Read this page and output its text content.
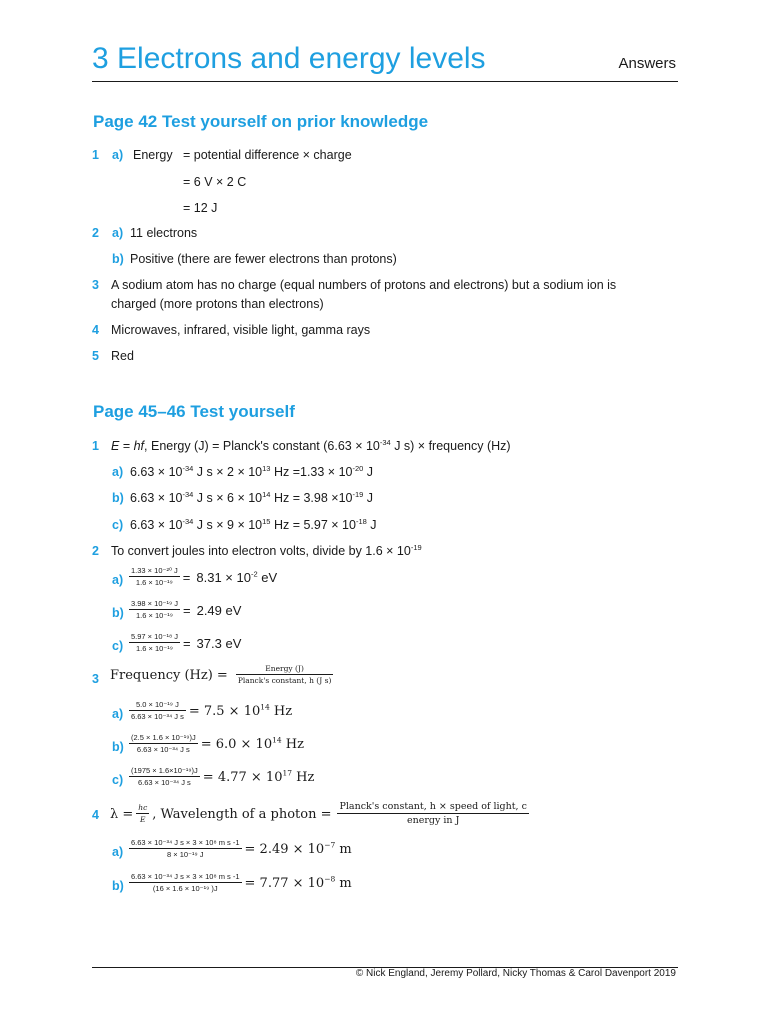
3 Electrons and energy levels	Answers
Page 42 Test yourself on prior knowledge
1	a) Energy = potential difference × charge
= 6 V × 2 C
= 12 J
2	a) 11 electrons
b) Positive (there are fewer electrons than protons)
3 A sodium atom has no charge (equal numbers of protons and electrons) but a sodium ion is
charged (more protons than electrons)
4 Microwaves, infrared, visible light, gamma rays
5 Red
Page 45–46 Test yourself
1 E = hf, Energy (J) = Planck's constant ($6.63 \times 10^{-34}$ J s) × frequency (Hz)
a) $6.63 \times 10^{-34}$ J $s \times 2 \times 10^{13}$ $Hz =1.33 \times 10^{-20}$ J
b) $6.63 \times 10^{-34}$ J $s \times 6 \times 10^{14}$ $Hz = 3.98 \times 10^{-19}$ J
c) $6.63 \times 10^{-34}$ J $s \times 9 \times 10^{15}$ $Hz = 5.97 \times 10^{-18}$ J
2 To convert joules into electron volts, divide by $1.6 \times 10^{-19}$
$a) \frac{\text{1.33 × 10⁻²⁰ J}}{\text{1.6 × 10⁻¹⁹}} = 8.31 \times 10^{-2}$ eV
$b) \frac{\text{3.98 × 10⁻¹⁹ J}}{\text{1.6 × 10⁻¹⁹}} = 2.49$ eV
$c) \frac{\text{5.97 × 10⁻¹⁸ J}}{\text{1.6 × 10⁻¹⁹}} = 37.3$ eV
3 Frequency $(Hz) = \frac{\text{Energy (J)}}{\text{Planck's constant, h (J s)}}$
$a) \frac{\text{5.0 × 10⁻¹⁹ J}}{\text{6.63 × 10⁻³⁴ J s}} = 7.5 \times 10^{14}$ Hz
$b) \frac{\text{(2.5 × 1.6 × 10⁻¹⁹)J}}{\text{6.63 × 10⁻³⁴ J s}} = 6.0 \times 10^{14}$ Hz
$c) \frac{\text{(1975 × 1.6×10⁻¹⁹)J}}{\text{6.63 × 10⁻³⁴ J s}} = 4.77 \times 10^{17}$ Hz
4 $\lambda = \frac{hc}{E}$ , Wavelength of a photon = $\frac{\text{Planck's constant, h × speed of light, c}}{\text{energy in J}}$
$a) \frac{\text{6.63 × 10⁻³⁴ J s × 3 × 10⁸ m s -1}}{\text{8 × 10⁻¹⁹ J}} = 2.49 \times 10^{-7}$ m
$b) \frac{\text{6.63 × 10⁻³⁴ J s × 3 × 10⁸ m s -1}}{\text{(16 × 1.6 × 10⁻¹⁹ )J}} = 7.77 \times 10^{-8}$ m
© Nick England, Jeremy Pollard, Nicky Thomas & Carol Davenport 2019
